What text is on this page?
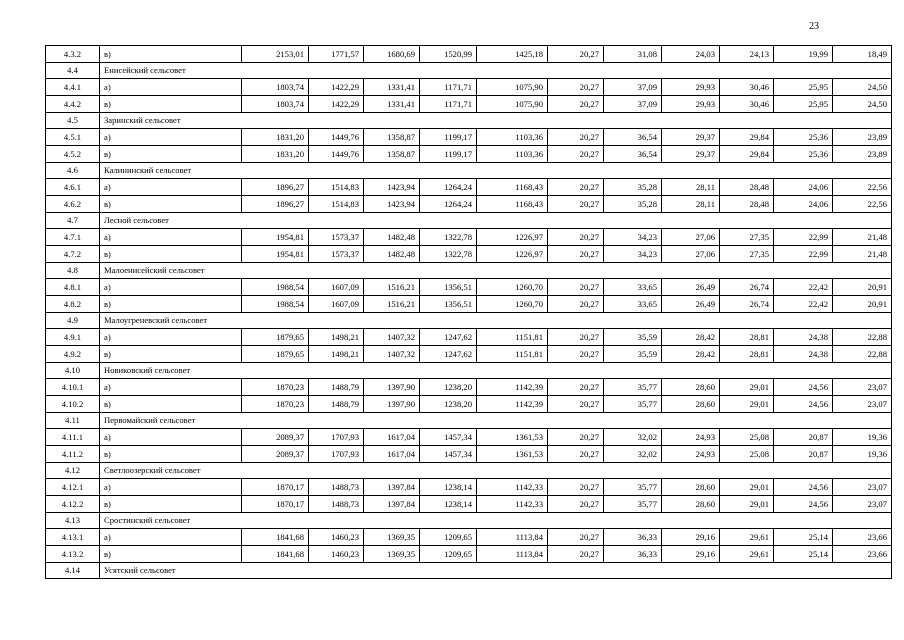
23
4.3.2	в)	2153,01	1771,57	1680,69	1520,99	1425,18	20,27	31,08	24,03	24,13	19,99	18,49
4.4	Енисейский сельсовет											
4.4.1	а)	1803,74	1422,29	1331,41	1171,71	1075,90	20,27	37,09	29,93	30,46	25,95	24,50
4.4.2	в)	1803,74	1422,29	1331,41	1171,71	1075,90	20,27	37,09	29,93	30,46	25,95	24,50
4.5	Заринский сельсовет											
4.5.1	а)	1831,20	1449,76	1358,87	1199,17	1103,36	20,27	36,54	29,37	29,84	25,36	23,89
4.5.2	в)	1831,20	1449,76	1358,87	1199,17	1103,36	20,27	36,54	29,37	29,84	25,36	23,89
4.6	Калининский сельсовет											
4.6.1	а)	1896,27	1514,83	1423,94	1264,24	1168,43	20,27	35,28	28,11	28,48	24,06	22,56
4.6.2	в)	1896,27	1514,83	1423,94	1264,24	1168,43	20,27	35,28	28,11	28,48	24,06	22,56
4.7	Лесной сельсовет											
4.7.1	а)	1954,81	1573,37	1482,48	1322,78	1226,97	20,27	34,23	27,06	27,35	22,99	21,48
4.7.2	в)	1954,81	1573,37	1482,48	1322,78	1226,97	20,27	34,23	27,06	27,35	22,99	21,48
4.8	Малоенисейский сельсовет											
4.8.1	а)	1988,54	1607,09	1516,21	1356,51	1260,70	20,27	33,65	26,49	26,74	22,42	20,91
4.8.2	в)	1988,54	1607,09	1516,21	1356,51	1260,70	20,27	33,65	26,49	26,74	22,42	20,91
4.9	Малоугреневский сельсовет											
4.9.1	а)	1879,65	1498,21	1407,32	1247,62	1151,81	20,27	35,59	28,42	28,81	24,38	22,88
4.9.2	в)	1879,65	1498,21	1407,32	1247,62	1151,81	20,27	35,59	28,42	28,81	24,38	22,88
4.10	Новиковский сельсовет											
4.10.1	а)	1870,23	1488,79	1397,90	1238,20	1142,39	20,27	35,77	28,60	29,01	24,56	23,07
4.10.2	в)	1870,23	1488,79	1397,90	1238,20	1142,39	20,27	35,77	28,60	29,01	24,56	23,07
4.11	Первомайский сельсовет											
4.11.1	а)	2089,37	1707,93	1617,04	1457,34	1361,53	20,27	32,02	24,93	25,08	20,87	19,36
4.11.2	в)	2089,37	1707,93	1617,04	1457,34	1361,53	20,27	32,02	24,93	25,08	20,87	19,36
4.12	Светлоозерский сельсовет											
4.12.1	а)	1870,17	1488,73	1397,84	1238,14	1142,33	20,27	35,77	28,60	29,01	24,56	23,07
4.12.2	в)	1870,17	1488,73	1397,84	1238,14	1142,33	20,27	35,77	28,60	29,01	24,56	23,07
4.13	Сростинский сельсовет											
4.13.1	а)	1841,68	1460,23	1369,35	1209,65	1113,84	20,27	36,33	29,16	29,61	25,14	23,66
4.13.2	в)	1841,68	1460,23	1369,35	1209,65	1113,84	20,27	36,33	29,16	29,61	25,14	23,66
4.14	Усятский сельсовет											
